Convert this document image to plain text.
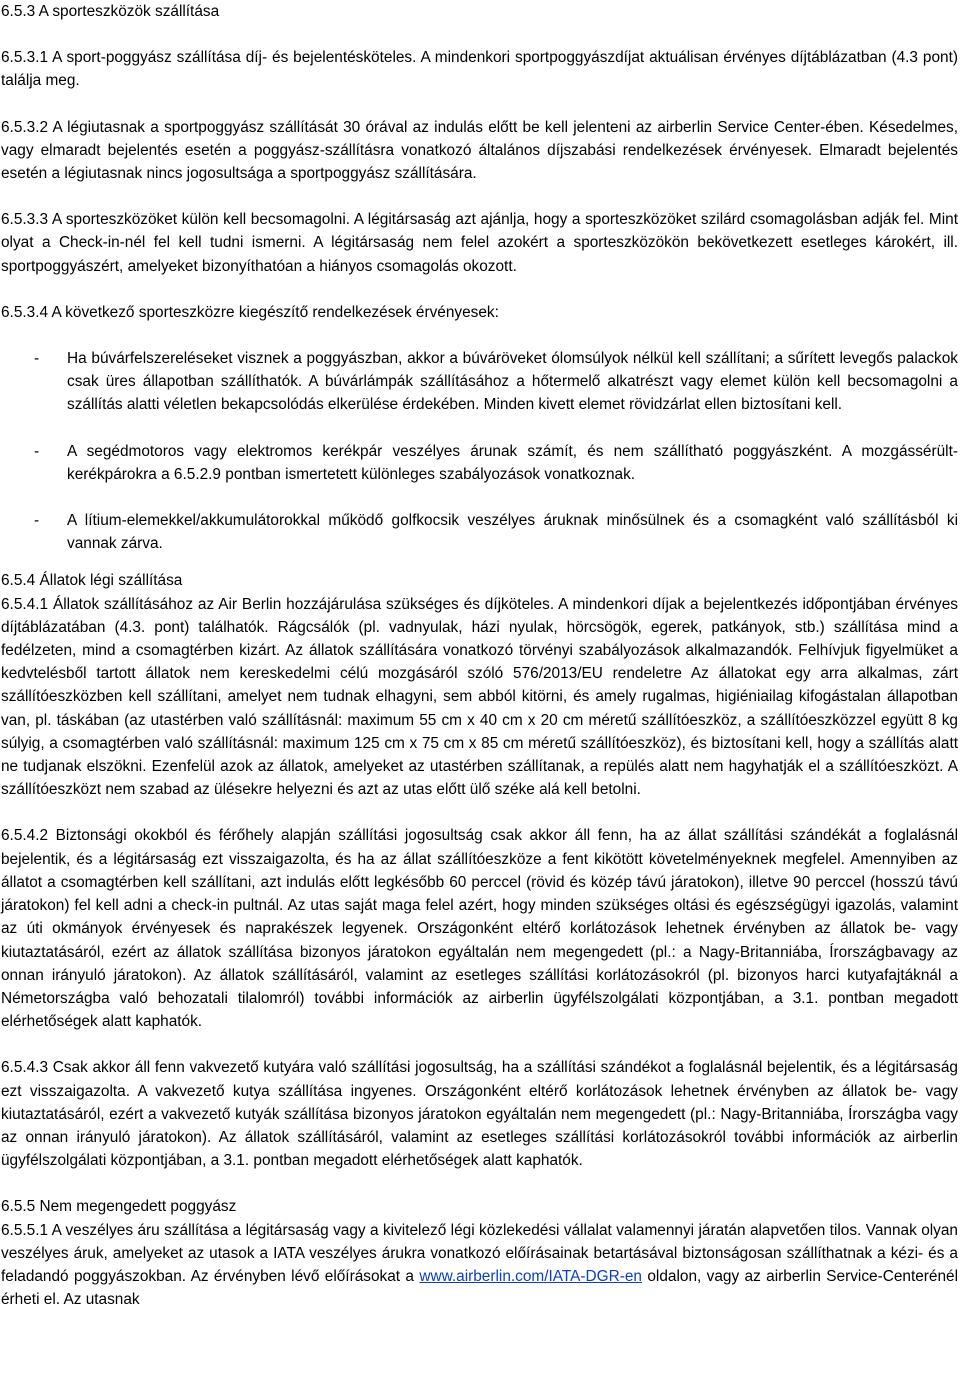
6.5.3 A sporteszközök szállítása

6.5.3.1 A sport-poggyász szállítása díj- és bejelentésköteles. A mindenkori sportpoggyászdíjat aktuálisan érvényes díjtáblázatban (4.3 pont) találja meg.

6.5.3.2 A légiutasnak a sportpoggyász szállítását 30 órával az indulás előtt be kell jelenteni az airberlin Service Center-ében. Késedelmes, vagy elmaradt bejelentés esetén a poggyász-szállításra vonatkozó általános díjszabási rendelkezések érvényesek. Elmaradt bejelentés esetén a légiutasnak nincs jogosultsága a sportpoggyász szállítására.

6.5.3.3 A sporteszközöket külön kell becsomagolni. A légitársaság azt ajánlja, hogy a sporteszközöket szilárd csomagolásban adják fel. Mint olyat a Check-in-nél fel kell tudni ismerni. A légitársaság nem felel azokért a sporteszközökön bekövetkezett esetleges károkért, ill. sportpoggyászért, amelyeket bizonyíthatóan a hiányos csomagolás okozott.

6.5.3.4 A következő sporteszközre kiegészítő rendelkezések érvényesek:

-	Ha búvárfelszereléseket visznek a poggyászban, akkor a búváröveket ólomsúlyok nélkül kell szállítani; a sűrített levegős palackok csak üres állapotban szállíthatók. A búvárlámpák szállításához a hőtermelő alkatrészt vagy elemet külön kell becsomagolni a szállítás alatti véletlen bekapcsolódás elkerülése érdekében. Minden kivett elemet rövidzárlat ellen biztosítani kell.
-	A segédmotoros vagy elektromos kerékpár veszélyes árunak számít, és nem szállítható poggyászként. A mozgássérült-kerékpárokra a 6.5.2.9 pontban ismertetett különleges szabályozások vonatkoznak.
-	A lítium-elemekkel/akkumulátorokkal működő golfkocsik veszélyes áruknak minősülnek és a csomagként való szállításból ki vannak zárva.
6.5.4 Állatok légi szállítása

6.5.4.1 Állatok szállításához az Air Berlin hozzájárulása szükséges és díjköteles. A mindenkori díjak a bejelentkezés időpontjában érvényes díjtáblázatában (4.3. pont) találhatók. Rágcsálók (pl. vadnyulak, házi nyulak, hörcsögök, egerek, patkányok, stb.) szállítása mind a fedélzeten, mind a csomagtérben kizárt. Az állatok szállítására vonatkozó törvényi szabályozások alkalmazandók. Felhívjuk figyelmüket a kedvtelésből tartott állatok nem kereskedelmi célú mozgásáról szóló 576/2013/EU rendeletre Az állatokat egy arra alkalmas, zárt szállítóeszközben kell szállítani, amelyet nem tudnak elhagyni, sem abból kitörni, és amely rugalmas, higiéniailag kifogástalan állapotban van, pl. táskában (az utastérben való szállításnál: maximum 55 cm x 40 cm x 20 cm méretű szállítóeszköz, a szállítóeszközzel együtt 8 kg súlyig, a csomagtérben való szállításnál: maximum 125 cm x 75 cm x 85 cm méretű szállítóeszköz), és biztosítani kell, hogy a szállítás alatt ne tudjanak elszökni. Ezenfelül azok az állatok, amelyeket az utastérben szállítanak, a repülés alatt nem hagyhatják el a szállítóeszközt. A szállítóeszközt nem szabad az ülésekre helyezni és azt az utas előtt ülő széke alá kell betolni.

6.5.4.2 Biztonsági okokból és férőhely alapján szállítási jogosultság csak akkor áll fenn, ha az állat szállítási szándékát a foglalásnál bejelentik, és a légitársaság ezt visszaigazolta, és ha az állat szállítóeszköze a fent kikötött követelményeknek megfelel. Amennyiben az állatot a csomagtérben kell szállítani, azt indulás előtt legkésőbb 60 perccel (rövid és közép távú járatokon), illetve 90 perccel (hosszú távú járatokon) fel kell adni a check-in pultnál. Az utas saját maga felel azért, hogy minden szükséges oltási és egészségügyi igazolás, valamint az úti okmányok érvényesek és naprakészek legyenek. Országonként eltérő korlátozások lehetnek érvényben az állatok be- vagy kiutaztatásáról, ezért az állatok szállítása bizonyos járatokon egyáltalán nem megengedett (pl.: a Nagy-Britanniába, Írországbavagy az onnan irányuló járatokon). Az állatok szállításáról, valamint az esetleges szállítási korlátozásokról (pl. bizonyos harci kutyafajtáknál a Németországba való behozatali tilalomról) további információk az airberlin ügyfélszolgálati központjában, a 3.1. pontban megadott elérhetőségek alatt kaphatók.

6.5.4.3 Csak akkor áll fenn vakvezető kutyára való szállítási jogosultság, ha a szállítási szándékot a foglalásnál bejelentik, és a légitársaság ezt visszaigazolta. A vakvezető kutya szállítása ingyenes. Országonként eltérő korlátozások lehetnek érvényben az állatok be- vagy kiutaztatásáról, ezért a vakvezető kutyák szállítása bizonyos járatokon egyáltalán nem megengedett (pl.: Nagy-Britanniába, Írországba vagy az onnan irányuló járatokon). Az állatok szállításáról, valamint az esetleges szállítási korlátozásokról további információk az airberlin ügyfélszolgálati központjában, a 3.1. pontban megadott elérhetőségek alatt kaphatók.

6.5.5 Nem megengedett poggyász

6.5.5.1 A veszélyes áru szállítása a légitársaság vagy a kivitelező légi közlekedési vállalat valamennyi járatán alapvetően tilos. Vannak olyan veszélyes áruk, amelyeket az utasok a IATA veszélyes árukra vonatkozó előírásainak betartásával biztonságosan szállíthatnak a kézi- és a feladandó poggyászokban. Az érvényben lévő előírásokat a www.airberlin.com/IATA-DGR-en oldalon, vagy az airberlin Service-Centerénél érheti el. Az utasnak
